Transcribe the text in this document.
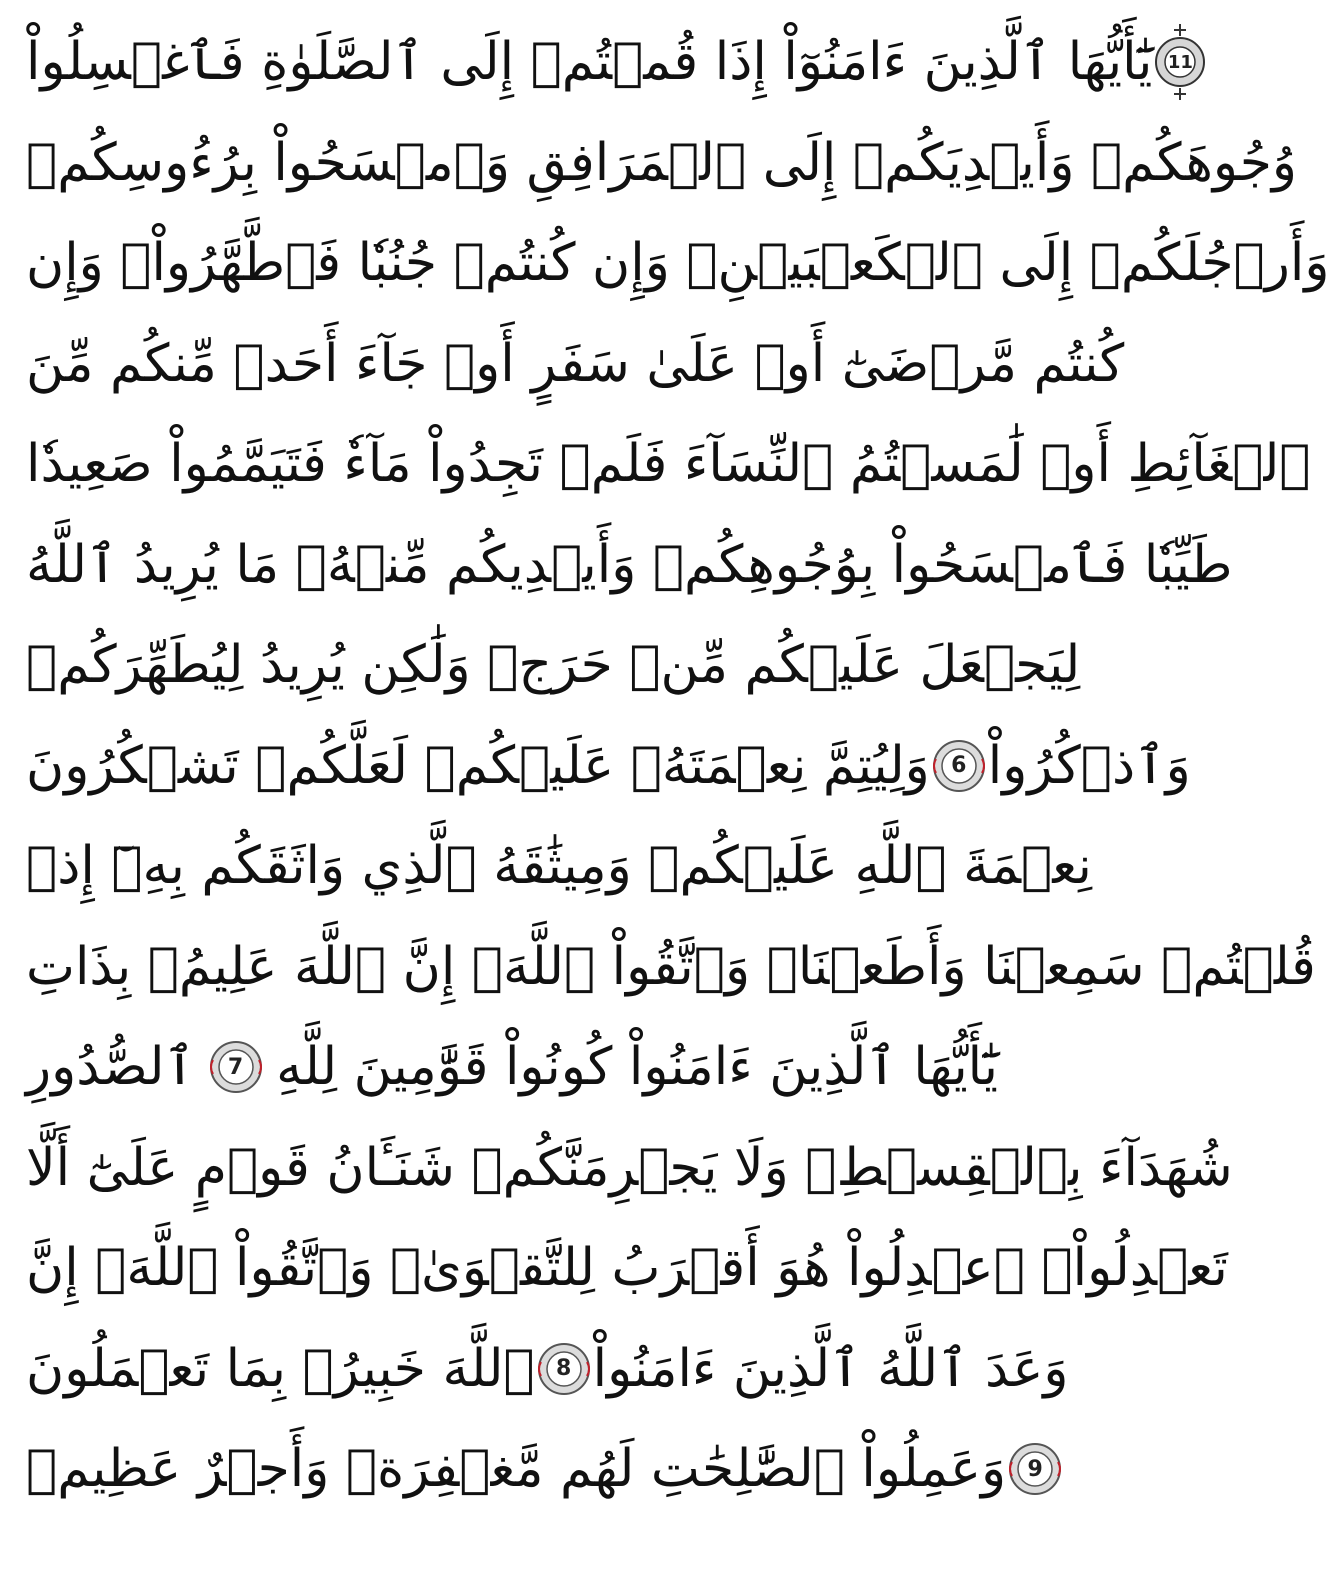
يَٰٓأَيُّهَا ٱلَّذِينَ ءَامَنُوٓاْ إِذَا قُمۡتُمۡ إِلَى ٱلصَّلَوٰةِ فَٱغۡسِلُواْ 11
وُجُوهَكُمۡ وَأَيۡدِيَكُمۡ إِلَى ٱلۡمَرَافِقِ وَٱمۡسَحُواْ بِرُءُوسِكُمۡ
وَأَرۡجُلَكُمۡ إِلَى ٱلۡكَعۡبَيۡنِۚ وَإِن كُنتُمۡ جُنُبٗا فَٱطَّهَّرُواْۚ وَإِن
كُنتُم مَّرۡضَىٰٓ أَوۡ عَلَىٰ سَفَرٍ أَوۡ جَآءَ أَحَدٞ مِّنكُم مِّنَ
ٱلۡغَآئِطِ أَوۡ لَٰمَسۡتُمُ ٱلنِّسَآءَ فَلَمۡ تَجِدُواْ مَآءٗ فَتَيَمَّمُواْ صَعِيدٗا
طَيِّبٗا فَٱمۡسَحُواْ بِوُجُوهِكُمۡ وَأَيۡدِيكُم مِّنۡهُۚ مَا يُرِيدُ ٱللَّهُ
لِيَجۡعَلَ عَلَيۡكُم مِّنۡ حَرَجٖ وَلَٰكِن يُرِيدُ لِيُطَهِّرَكُمۡ
وَلِيُتِمَّ نِعۡمَتَهُۥ عَلَيۡكُمۡ لَعَلَّكُمۡ تَشۡكُرُونَ 6 وَٱذۡكُرُواْ
نِعۡمَةَ ٱللَّهِ عَلَيۡكُمۡ وَمِيثَٰقَهُ ٱلَّذِي وَاثَقَكُم بِهِۦٓ إِذۡ
قُلۡتُمۡ سَمِعۡنَا وَأَطَعۡنَاۖ وَٱتَّقُواْ ٱللَّهَۚ إِنَّ ٱللَّهَ عَلِيمُۢ بِذَاتِ
ٱلصُّدُورِ 7 يَٰٓأَيُّهَا ٱلَّذِينَ ءَامَنُواْ كُونُواْ قَوَّٰمِينَ لِلَّهِ
شُهَدَآءَ بِٱلۡقِسۡطِۖ وَلَا يَجۡرِمَنَّكُمۡ شَنَـَٔانُ قَوۡمٍ عَلَىٰٓ أَلَّا
تَعۡدِلُواْۚ ٱعۡدِلُواْ هُوَ أَقۡرَبُ لِلتَّقۡوَىٰۖ وَٱتَّقُواْ ٱللَّهَۚ إِنَّ
ٱللَّهَ خَبِيرُۢ بِمَا تَعۡمَلُونَ 8 وَعَدَ ٱللَّهُ ٱلَّذِينَ ءَامَنُواْ
وَعَمِلُواْ ٱلصَّٰلِحَٰتِ لَهُم مَّغۡفِرَةٞ وَأَجۡرٌ عَظِيمٞ 9
